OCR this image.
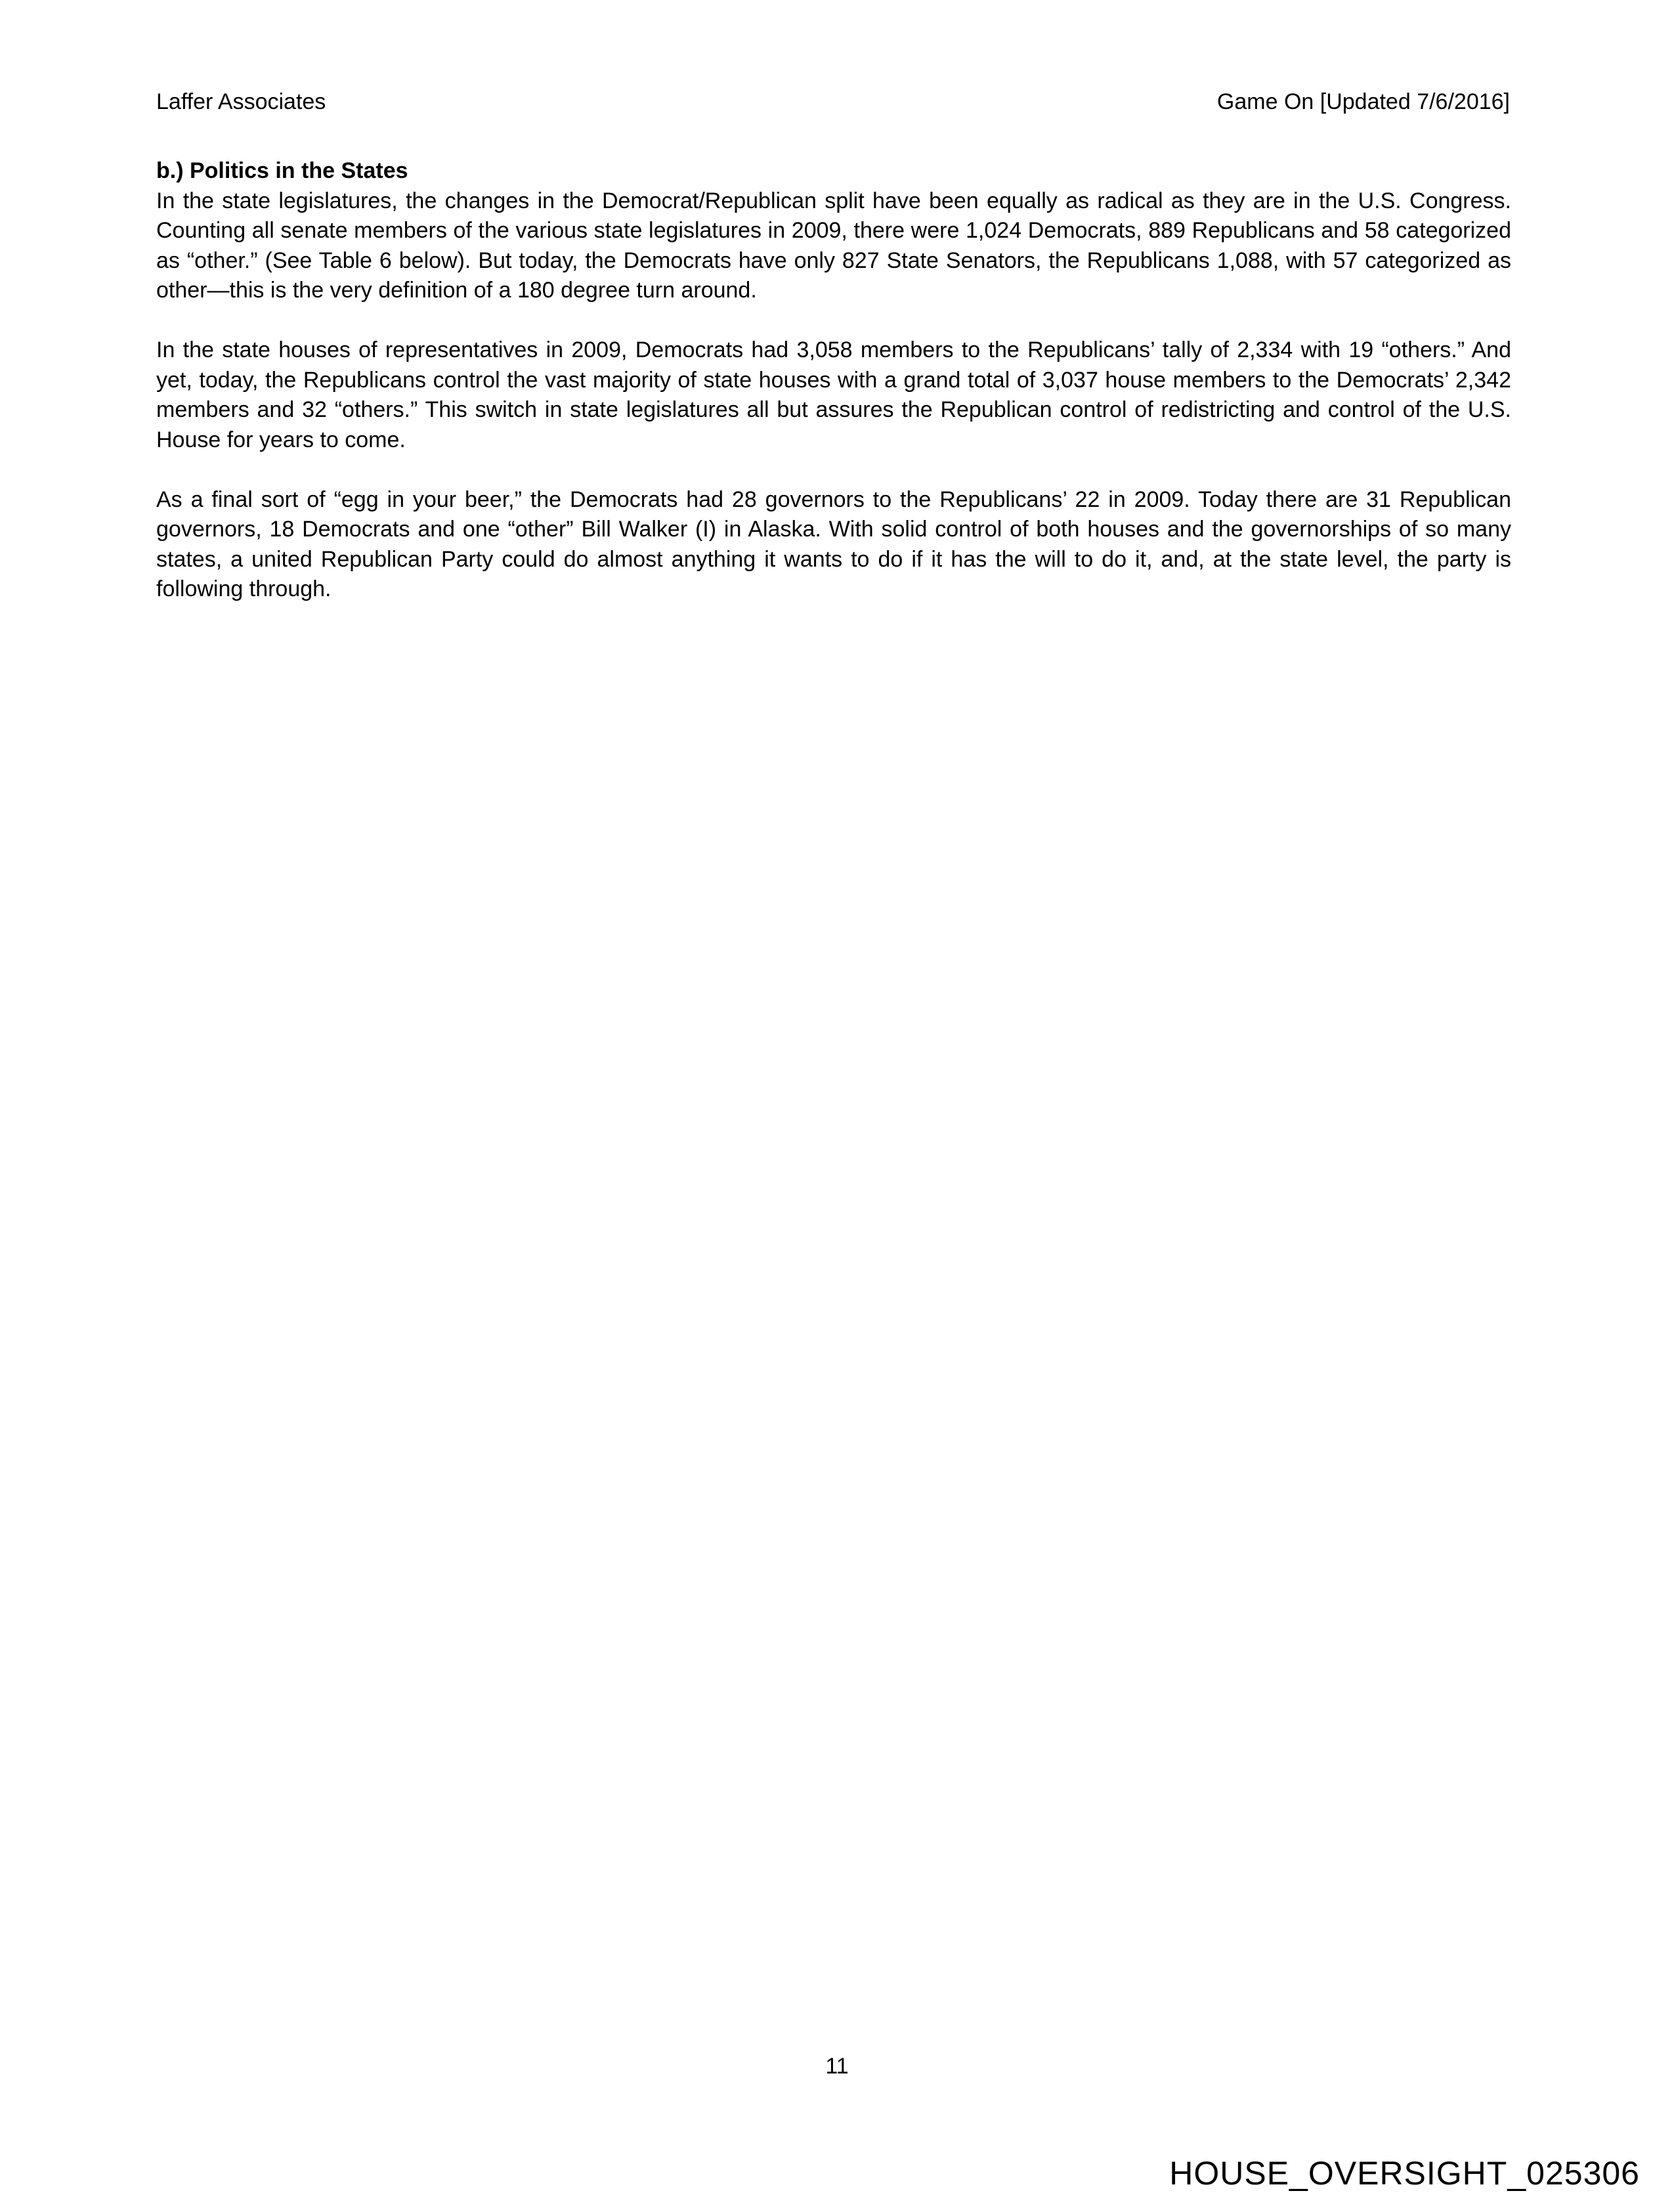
Laffer Associates	Game On [Updated 7/6/2016]

b.) Politics in the States

In the state legislatures, the changes in the Democrat/Republican split have been equally as radical as they are in the U.S. Congress. Counting all senate members of the various state legislatures in 2009, there were 1,024 Democrats, 889 Republicans and 58 categorized as “other.” (See Table 6 below). But today, the Democrats have only 827 State Senators, the Republicans 1,088, with 57 categorized as other—this is the very definition of a 180 degree turn around.

In the state houses of representatives in 2009, Democrats had 3,058 members to the Republicans’ tally of 2,334 with 19 “others.” And yet, today, the Republicans control the vast majority of state houses with a grand total of 3,037 house members to the Democrats’ 2,342 members and 32 “others.” This switch in state legislatures all but assures the Republican control of redistricting and control of the U.S. House for years to come.

As a final sort of “egg in your beer,” the Democrats had 28 governors to the Republicans’ 22 in 2009. Today there are 31 Republican governors, 18 Democrats and one “other” Bill Walker (I) in Alaska. With solid control of both houses and the governorships of so many states, a united Republican Party could do almost anything it wants to do if it has the will to do it, and, at the state level, the party is following through.

11
HOUSE_OVERSIGHT_025306
